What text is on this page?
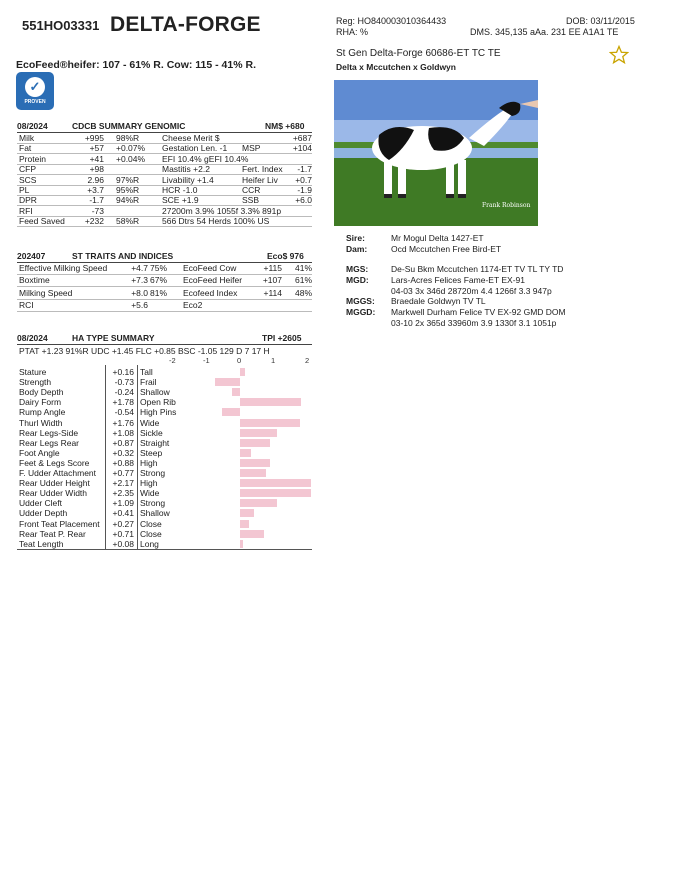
551HO03331 DELTA-FORGE
EcoFeed®heifer: 107 - 61% R. Cow: 115 - 41% R.
✓
PROVEN
Reg: HO840003010364433	DOB: 03/11/2015
RHA: %	DMS. 345,135 aAa. 231 EE A1A1 TE
St Gen Delta-Forge 60686-ET TC TE
Delta x Mccutchen x Goldwyn
Frank Robinson
08/2024	CDCB SUMMARY GENOMIC	NM$ +680
Milk	+995 98%R	Cheese Merit $	+687
Fat	+57 +0.07% Gestation Len. -1 MSP	+104
Protein	+41 +0.04% EFI 10.4% gEFI 10.4%
CFP	+98	Mastitis +2.2	Fert. Index	-1.7
SCS	2.96 97%R	Livability +1.4	Heifer Liv	+0.7
PL	+3.7 95%R	HCR -1.0	CCR	-1.9
DPR	-1.7 94%R	SCE +1.9	SSB	+6.0
RFI	-73	27200m 3.9% 1055f 3.3% 891p
Feed Saved	+232 58%R	566 Dtrs 54 Herds 100% US
202407	ST TRAITS AND INDICES	Eco$ 976
Effective Milking Speed	+4.7 75% EcoFeed Cow	+115	41%
Boxtime	+7.3 67% EcoFeed Heifer	+107	61%
Milking Speed	+8.0 81% Ecofeed Index	+114	48%
RCI	+5.6	Eco2
08/2024	HA TYPE SUMMARY	TPI +2605
PTAT +1.23 91%R UDC +1.45 FLC +0.85 BSC -1.05 129 D 7 17 H
-2	-1	0	1	2
Stature	+0.16 Tall
Strength	-0.73 Frail
Body Depth	-0.24 Shallow
Dairy Form	+1.78 Open Rib
Rump Angle	-0.54 High Pins
Thurl Width	+1.76 Wide
Rear Legs-Side	+1.08 Sickle
Rear Legs Rear	+0.87 Straight
Foot Angle	+0.32 Steep
Feet & Legs Score	+0.88 High
F. Udder Attachment	+0.77 Strong
Rear Udder Height	+2.17 High
Rear Udder Width	+2.35 Wide
Udder Cleft	+1.09 Strong
Udder Depth	+0.41 Shallow
Front Teat Placement	+0.27 Close
Rear Teat P. Rear	+0.71 Close
Teat Length	+0.08 Long
Sire:	Mr Mogul Delta 1427-ET
Dam:	Ocd Mccutchen Free Bird-ET
MGS:	De-Su Bkm Mccutchen 1174-ET TV TL TY TD
MGD:	Lars-Acres Felices Fame-ET EX-91
04-03 3x 346d 28720m 4.4 1266f 3.3 947p
MGGS: Braedale Goldwyn TV TL
MGGD: Markwell Durham Felice TV EX-92 GMD DOM
03-10 2x 365d 33960m 3.9 1330f 3.1 1051p
